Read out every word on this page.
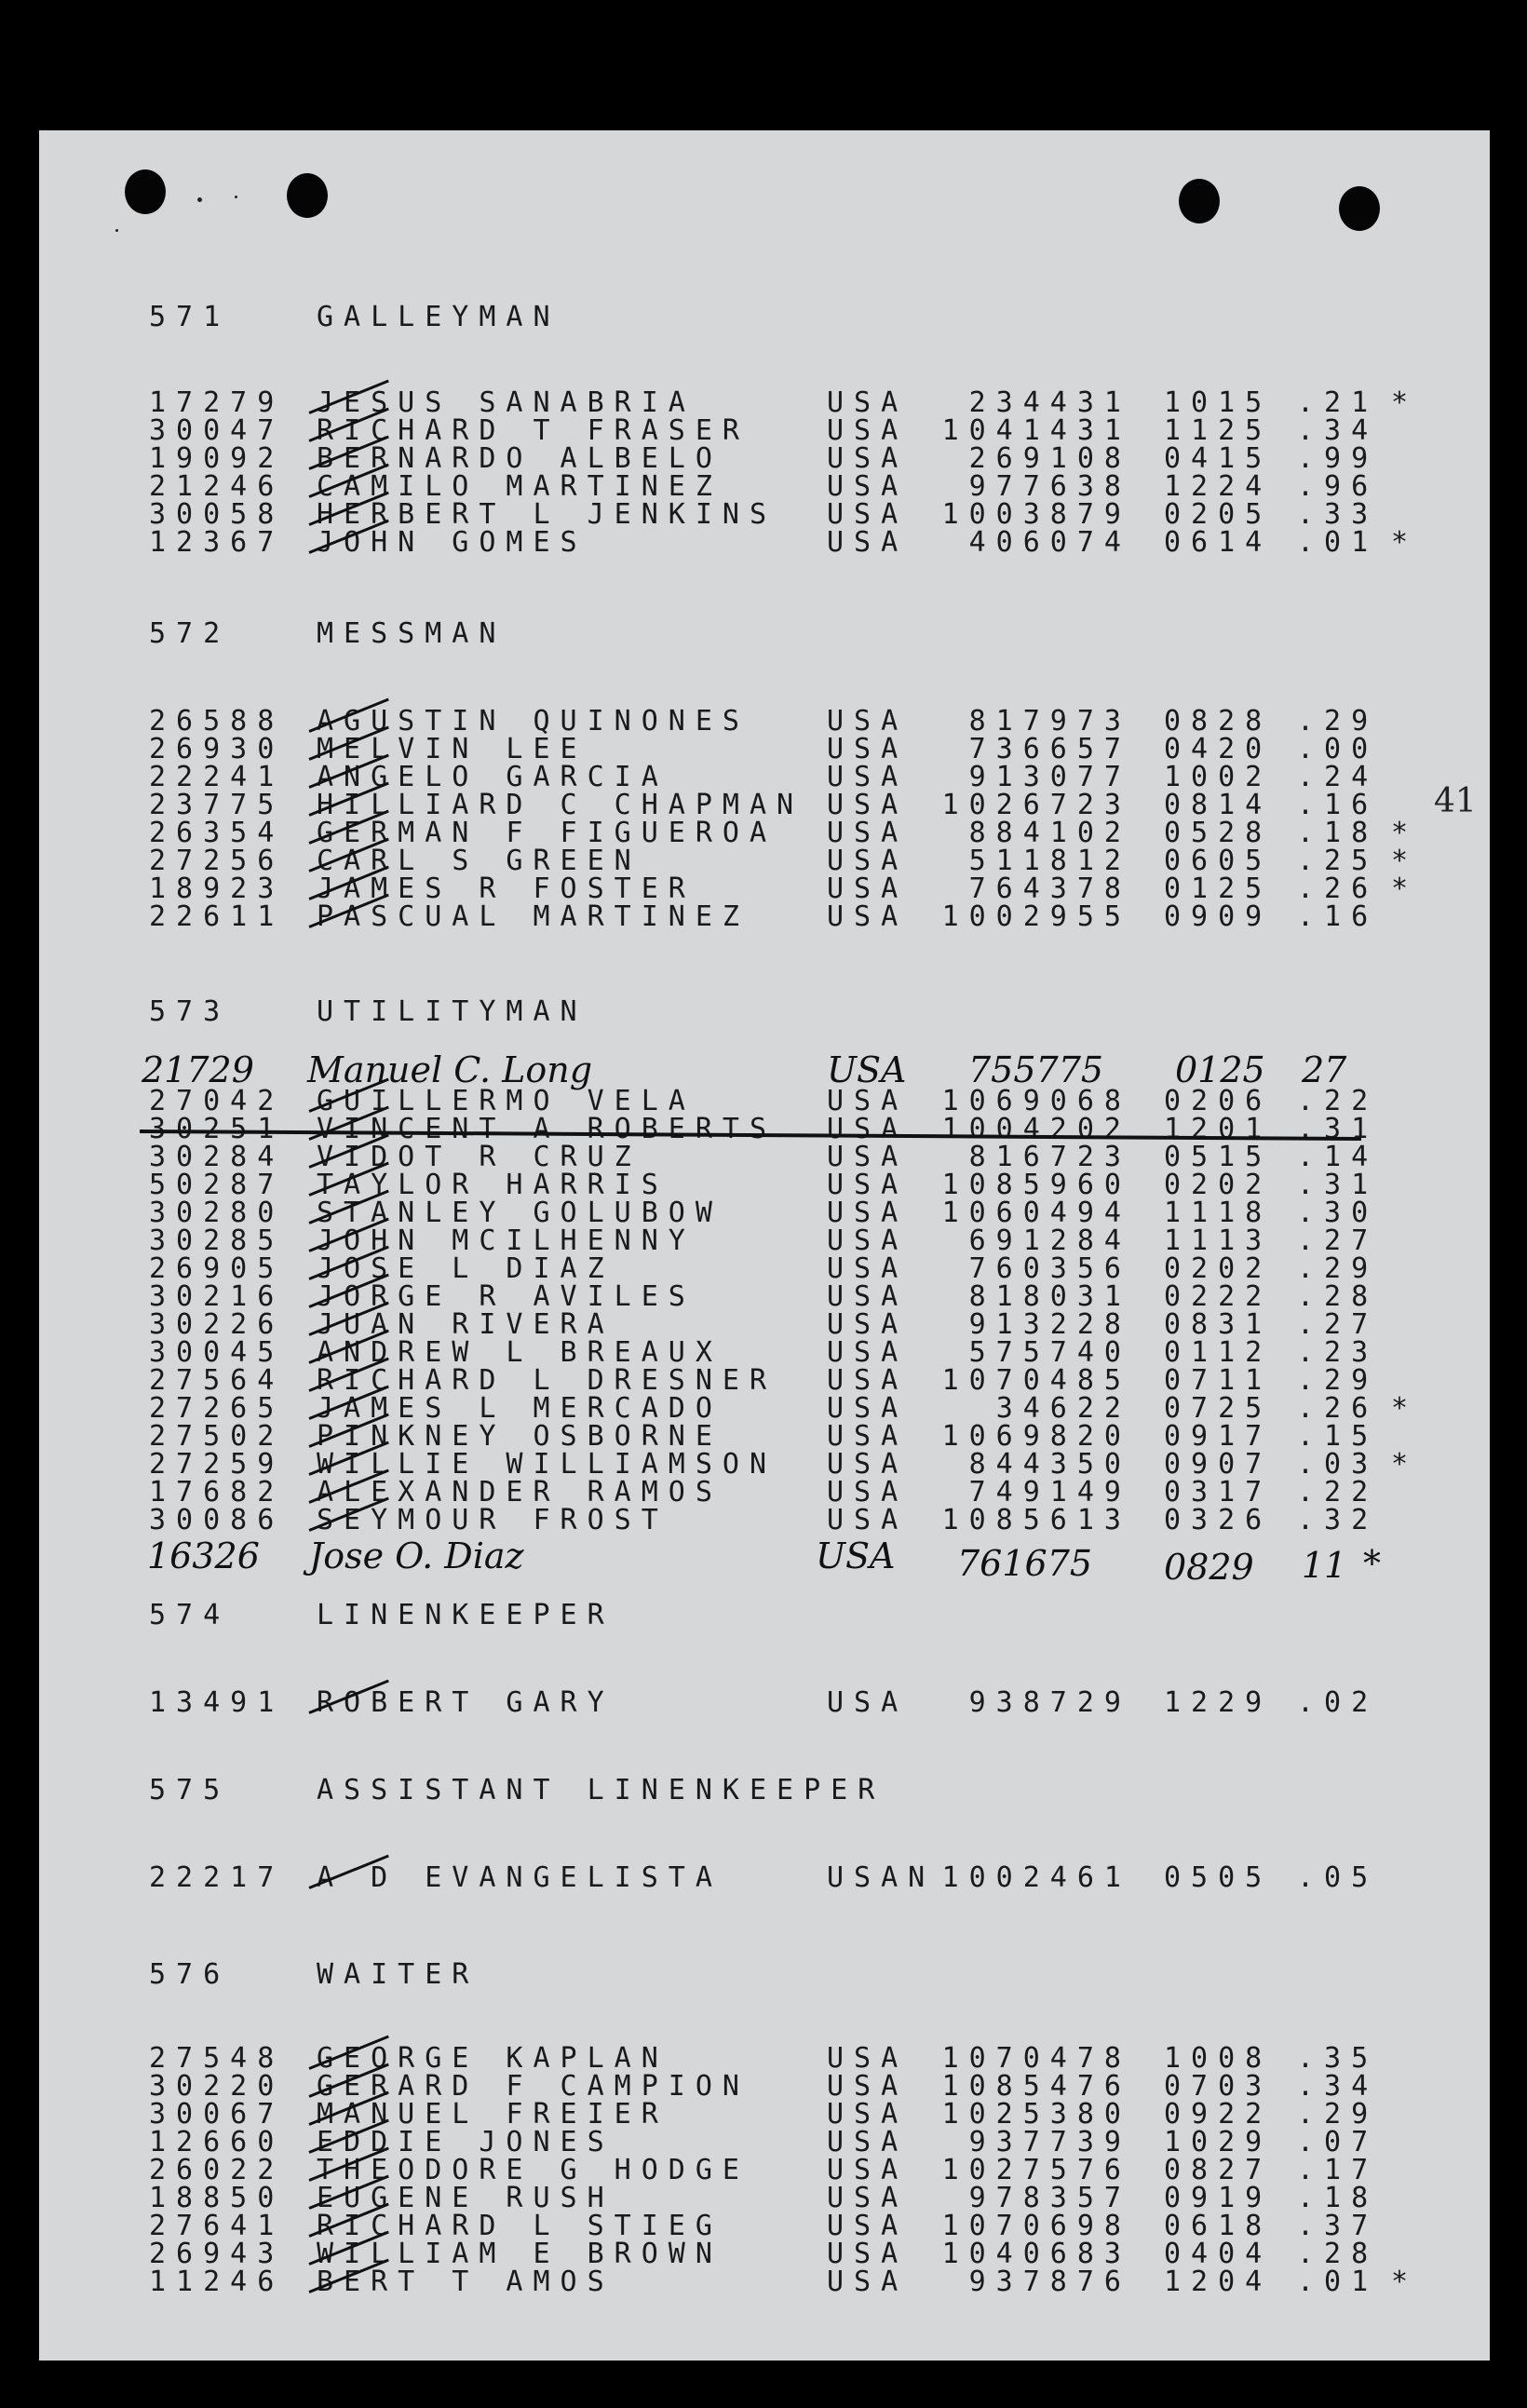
41
571	GALLEYMAN
17279 JESUS SANABRIA	USA	234431 1015 .21 *
30047 RICHARD T FRASER	USA	1041431 1125 .34
19092 BERNARDO ALBELO	USA	269108 0415 .99
21246 CAMILO MARTINEZ	USA	977638 1224 .96
30058 HERBERT L JENKINS USA	1003879 0205 .33
12367 JOHN GOMES	USA	406074 0614 .01 *
572	MESSMAN
26588 AGUSTIN QUINONES	USA	817973 0828 .29
26930 MELVIN LEE	USA	736657 0420 .00
22241 ANGELO GARCIA	USA	913077 1002 .24
23775 HILLIARD C CHAPMAN USA	1026723 0814 .16
26354 GERMAN F FIGUEROA USA	884102 0528 .18 *
27256 CARL S GREEN	USA	511812 0605 .25 *
18923 JAMES R FOSTER	USA	764378 0125 .26 *
22611 PASCUAL MARTINEZ	USA	1002955 0909 .16
573	UTILITYMAN
27042 GUILLERMO VELA	USA	1069068 0206 .22
30251 VINCENT A ROBERTS USA	1004202 1201 .31
30284 VIDOT R CRUZ	USA	816723 0515 .14
50287 TAYLOR HARRIS	USA	1085960 0202 .31
30280 STANLEY GOLUBOW	USA	1060494 1118 .30
30285 JOHN MCILHENNY	USA	691284 1113 .27
26905 JOSE L DIAZ	USA	760356 0202 .29
30216 JORGE R AVILES	USA	818031 0222 .28
30226 JUAN RIVERA	USA	913228 0831 .27
30045 ANDREW L BREAUX	USA	575740 0112 .23
27564 RICHARD L DRESNER USA	1070485 0711 .29
27265 JAMES L MERCADO	USA	34622 0725 .26 *
27502 PINKNEY OSBORNE	USA	1069820 0917 .15
27259 WILLIE WILLIAMSON USA	844350 0907 .03 *
17682 ALEXANDER RAMOS	USA	749149 0317 .22
30086 SEYMOUR FROST	USA	1085613 0326 .32
21729 Manuel C. Long	USA 755775 0125 27
16326 Jose O. Diaz	USA 761675 0829 11 *
574	LINENKEEPER
13491 ROBERT GARY	USA	938729 1229 .02
575	ASSISTANT LINENKEEPER
22217 A D EVANGELISTA	USAN 1002461 0505 .05
576	WAITER
27548 GEORGE KAPLAN	USA	1070478 1008 .35
30220 GERARD F CAMPION	USA	1085476 0703 .34
30067 MANUEL FREIER	USA	1025380 0922 .29
12660 EDDIE JONES	USA	937739 1029 .07
26022 THEODORE G HODGE	USA	1027576 0827 .17
18850 EUGENE RUSH	USA	978357 0919 .18
27641 RICHARD L STIEG	USA	1070698 0618 .37
26943 WILLIAM E BROWN	USA	1040683 0404 .28
11246 BERT T AMOS	USA	937876 1204 .01 *
